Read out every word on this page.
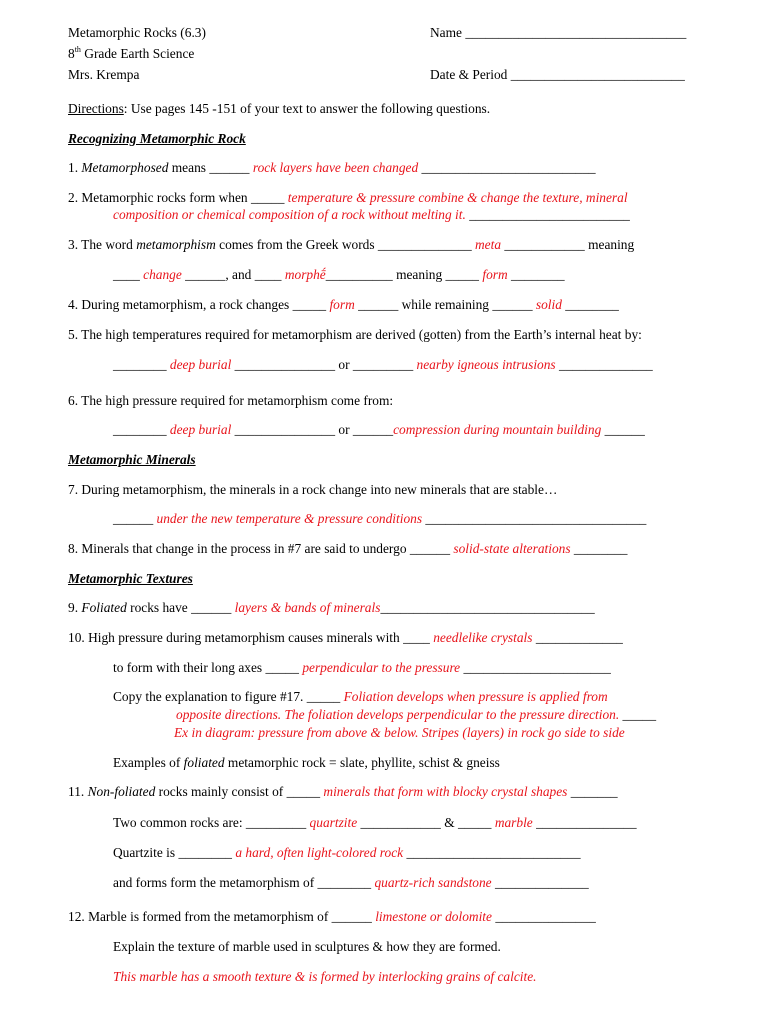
Metamorphic Rocks (6.3)
8th Grade Earth Science
Mrs. Krempa
Name _________________________________
Date & Period __________________________
Directions: Use pages 145 -151 of your text to answer the following questions.
Recognizing Metamorphic Rock
1. Metamorphosed means ______ rock layers have been changed __________________________
2. Metamorphic rocks form when _____ temperature & pressure combine & change the texture, mineral
composition or chemical composition of a rock without melting it. ________________________
3. The word metamorphism comes from the Greek words ______________ meta ____________ meaning
____ change ______, and ____ morphḗ__________ meaning _____ form ________
4. During metamorphism, a rock changes _____ form ______ while remaining ______ solid ________
5. The high temperatures required for metamorphism are derived (gotten) from the Earth’s internal heat by:
________ deep burial _______________ or _________ nearby igneous intrusions ______________
6. The high pressure required for metamorphism come from:
________ deep burial _______________ or ______compression during mountain building ______
Metamorphic Minerals
7. During metamorphism, the minerals in a rock change into new minerals that are stable…
______ under the new temperature & pressure conditions _________________________________
8. Minerals that change in the process in #7 are said to undergo ______ solid-state alterations ________
Metamorphic Textures
9. Foliated rocks have ______ layers & bands of minerals________________________________
10. High pressure during metamorphism causes minerals with ____ needlelike crystals _____________
to form with their long axes _____ perpendicular to the pressure ______________________
Copy the explanation to figure #17. _____ Foliation develops when pressure is applied from
opposite directions. The foliation develops perpendicular to the pressure direction. _____
Ex in diagram: pressure from above & below. Stripes (layers) in rock go side to side
Examples of foliated metamorphic rock = slate, phyllite, schist & gneiss
11. Non-foliated rocks mainly consist of _____ minerals that form with blocky crystal shapes _______
Two common rocks are: _________ quartzite ____________ & _____ marble _______________
Quartzite is ________ a hard, often light-colored rock __________________________
and forms form the metamorphism of ________ quartz-rich sandstone ______________
12. Marble is formed from the metamorphism of ______ limestone or dolomite _______________
Explain the texture of marble used in sculptures & how they are formed.
This marble has a smooth texture & is formed by interlocking grains of calcite.
